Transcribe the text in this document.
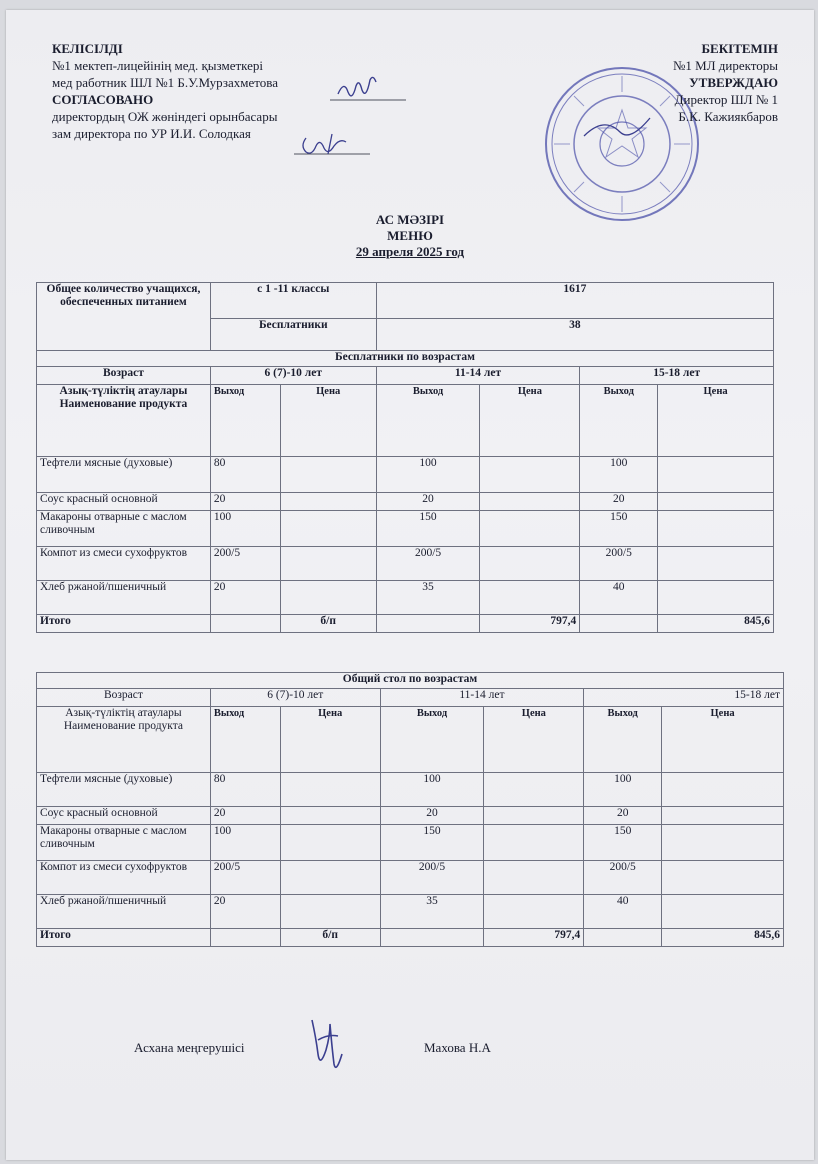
КЕЛІСІЛДІ
№1 мектеп-лицейінің мед. қызметкері
мед работник ШЛ №1 Б.У.Мурзахметова
СОГЛАСОВАНО
директордың ОЖ жөніндегі орынбасары
зам директора по УР И.И. Солодкая
БЕКІТЕМІН
№1 МЛ директоры
УТВЕРЖДАЮ
Директор ШЛ № 1
Б.К. Кажиякбаров
АС МӘЗІРІ
МЕНЮ
29 апреля 2025 год
Общее количество учащихся, обеспеченных питанием	с 1 -11 классы		1617			
	Бесплатники		38			
Бесплатники по возрастам						
Возраст	6 (7)-10 лет		11-14 лет		15-18 лет	
Азық-түліктің атаулары Наименование продукта	Выход	Цена	Выход	Цена	Выход	Цена
Тефтели мясные (духовые)	80		100		100	
Соус красный основной	20		20		20	
Макароны отварные с маслом сливочным	100		150		150	
Компот из смеси сухофруктов	200/5		200/5		200/5	
Хлеб ржаной/пшеничный	20		35		40	
Итого		б/п		797,4		845,6
Общий стол по возрастам						
Возраст	6 (7)-10 лет		11-14 лет		15-18 лет	
Азық-түліктің атаулары Наименование продукта	Выход	Цена	Выход	Цена	Выход	Цена
Тефтели мясные (духовые)	80		100		100	
Соус красный основной	20		20		20	
Макароны отварные с маслом сливочным	100		150		150	
Компот из смеси сухофруктов	200/5		200/5		200/5	
Хлеб ржаной/пшеничный	20		35		40	
Итого		б/п		797,4		845,6
Асхана меңгерушісі	Махова Н.А
